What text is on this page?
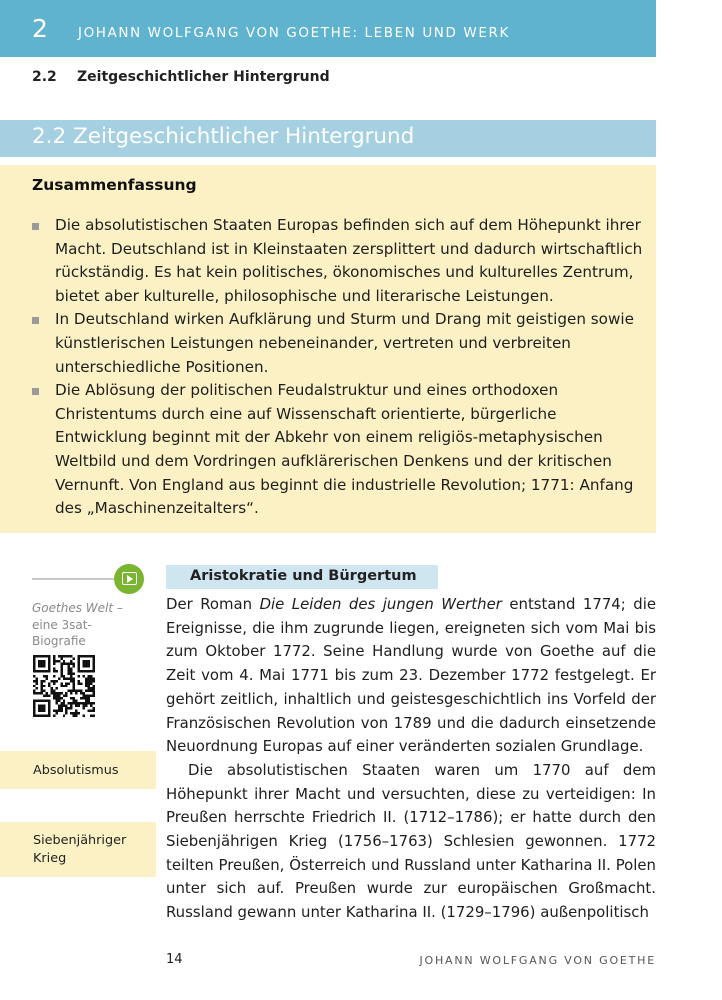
2 JOHANN WOLFGANG VON GOETHE: LEBEN UND WERK
2.2 Zeitgeschichtlicher Hintergrund
2.2 Zeitgeschichtlicher Hintergrund
Zusammenfassung
Die absolutistischen Staaten Europas befinden sich auf dem Höhepunkt ihrer Macht. Deutschland ist in Kleinstaaten zersplittert und dadurch wirtschaftlich rückständig. Es hat kein politisches, ökonomisches und kulturelles Zentrum, bietet aber kulturelle, philosophische und literarische Leistungen.
In Deutschland wirken Aufklärung und Sturm und Drang mit geistigen sowie künstlerischen Leistungen nebeneinander, vertreten und verbreiten unterschiedliche Positionen.
Die Ablösung der politischen Feudalstruktur und eines orthodoxen Christentums durch eine auf Wissenschaft orientierte, bürgerliche Entwicklung beginnt mit der Abkehr von einem religiös-metaphysischen Weltbild und dem Vordringen aufklärerischen Denkens und der kritischen Vernunft. Von England aus beginnt die industrielle Revolution; 1771: Anfang des „Maschinenzeitalters“.
Goethes Welt –
eine 3sat-Biografie
Absolutismus
Siebenjähriger Krieg
Aristokratie und Bürgertum

Der Roman Die Leiden des jungen Werther entstand 1774; die Ereignisse, die ihm zugrunde liegen, ereigneten sich vom Mai bis zum Oktober 1772. Seine Handlung wurde von Goethe auf die Zeit vom 4. Mai 1771 bis zum 23. Dezember 1772 festgelegt. Er gehört zeitlich, inhaltlich und geistesgeschichtlich ins Vorfeld der Französischen Revolution von 1789 und die dadurch einsetzende Neuordnung Europas auf einer veränderten sozialen Grundlage.

Die absolutistischen Staaten waren um 1770 auf dem Höhepunkt ihrer Macht und versuchten, diese zu verteidigen: In Preußen herrschte Friedrich II. (1712–1786); er hatte durch den Siebenjährigen Krieg (1756–1763) Schlesien gewonnen. 1772 teilten Preußen, Österreich und Russland unter Katharina II. Polen unter sich auf. Preußen wurde zur europäischen Großmacht. Russland gewann unter Katharina II. (1729–1796) außenpolitisch

14	JOHANN WOLFGANG VON GOETHE
